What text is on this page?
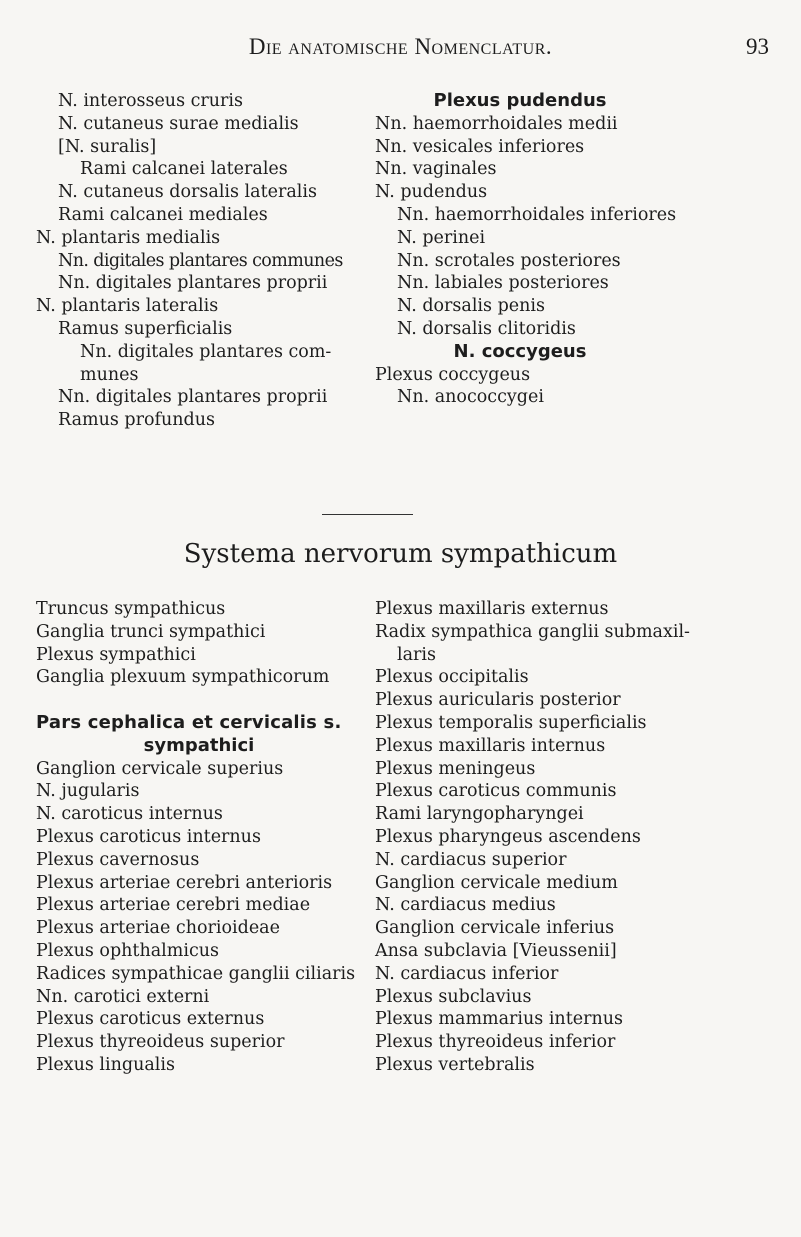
Die anatomische Nomenclatur.	93
N. interosseus cruris
N. cutaneus surae medialis
[N. suralis]
Rami calcanei laterales
N. cutaneus dorsalis lateralis
Rami calcanei mediales
N. plantaris medialis
Nn. digitales plantares communes
Nn. digitales plantares proprii
N. plantaris lateralis
Ramus superficialis
Nn. digitales plantares com-
munes
Nn. digitales plantares proprii
Ramus profundus
Plexus pudendus
Nn. haemorrhoidales medii
Nn. vesicales inferiores
Nn. vaginales
N. pudendus
Nn. haemorrhoidales inferiores
N. perinei
Nn. scrotales posteriores
Nn. labiales posteriores
N. dorsalis penis
N. dorsalis clitoridis
N. coccygeus
Plexus coccygeus
Nn. anococcygei
Systema nervorum sympathicum
Truncus sympathicus
Ganglia trunci sympathici
Plexus sympathici
Ganglia plexuum sympathicorum
Pars cephalica et cervicalis s.
sympathici
Ganglion cervicale superius
N. jugularis
N. caroticus internus
Plexus caroticus internus
Plexus cavernosus
Plexus arteriae cerebri anterioris
Plexus arteriae cerebri mediae
Plexus arteriae chorioideae
Plexus ophthalmicus
Radices sympathicae ganglii ciliaris
Nn. carotici externi
Plexus caroticus externus
Plexus thyreoideus superior
Plexus lingualis
Plexus maxillaris externus
Radix sympathica ganglii submaxil-
laris
Plexus occipitalis
Plexus auricularis posterior
Plexus temporalis superficialis
Plexus maxillaris internus
Plexus meningeus
Plexus caroticus communis
Rami laryngopharyngei
Plexus pharyngeus ascendens
N. cardiacus superior
Ganglion cervicale medium
N. cardiacus medius
Ganglion cervicale inferius
Ansa subclavia [Vieussenii]
N. cardiacus inferior
Plexus subclavius
Plexus mammarius internus
Plexus thyreoideus inferior
Plexus vertebralis
